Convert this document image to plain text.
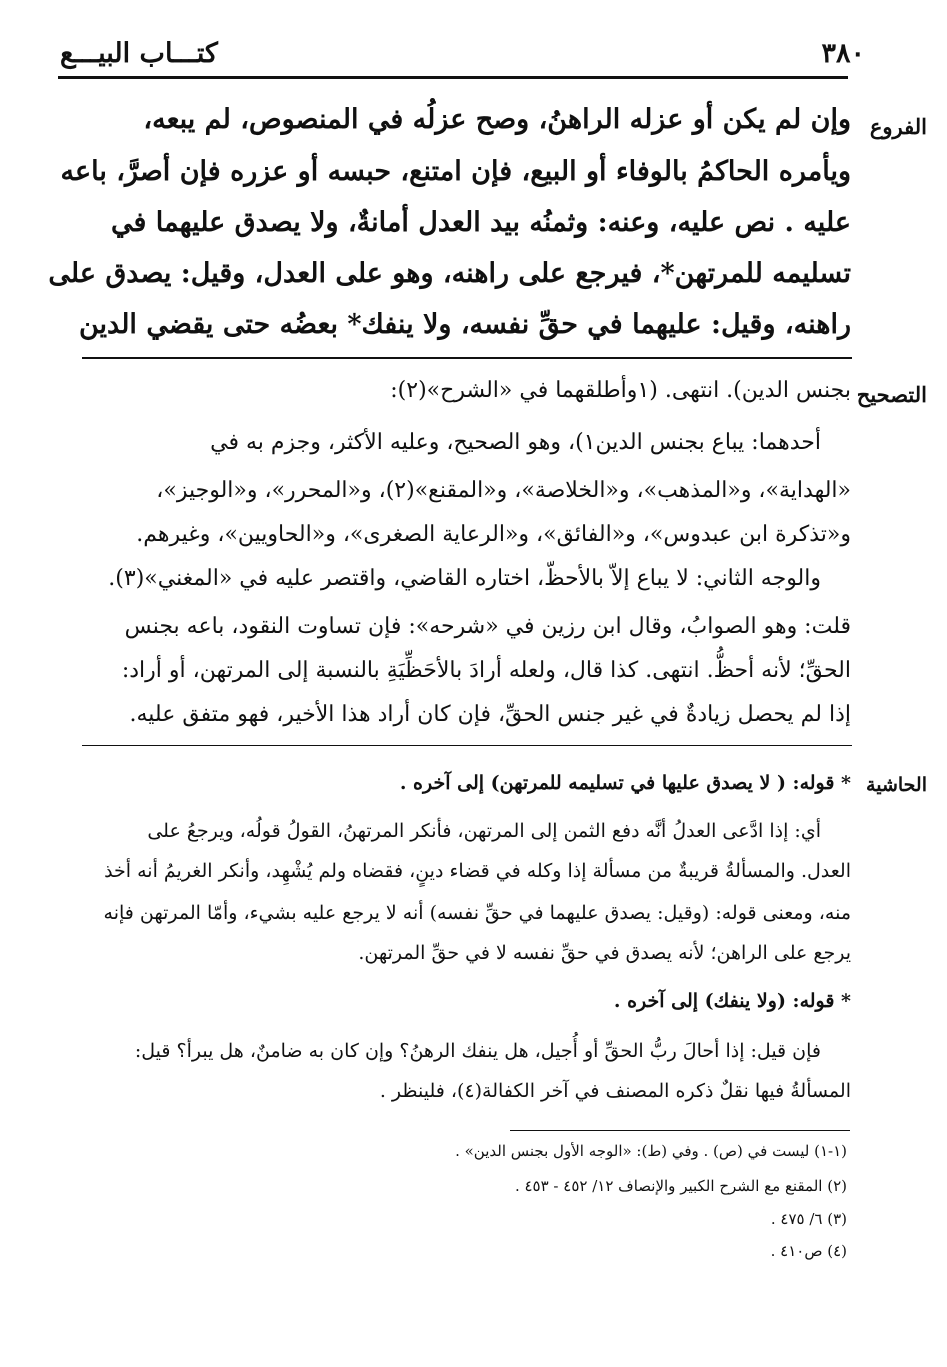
كتـــاب البيـــع	٣٨٠
الفروع
وإن لم يكن أو عزله الراهنُ، وصح عزلُه في المنصوص، لم يبعه،
ويأمره الحاكمُ بالوفاء أو البيع، فإن امتنع، حبسه أو عزره فإن أصرَّ، باعه
عليه . نص عليه، وعنه: وثمنُه بيد العدل أمانةٌ، ولا يصدق عليهما في
تسليمه للمرتهن*، فيرجع على راهنه، وهو على العدل، وقيل: يصدق على
راهنه، وقيل: عليهما في حقِّ نفسه، ولا ينفك* بعضُه حتى يقضي الدين
التصحيح
بجنس الدين). انتهى. (١وأطلقهما في «الشرح»(٢):
أحدهما: يباع بجنس الدين١)، وهو الصحيح، وعليه الأكثر، وجزم به في
«الهداية»، و«المذهب»، و«الخلاصة»، و«المقنع»(٢)، و«المحرر»، و«الوجيز»،
و«تذكرة ابن عبدوس»، و«الفائق»، و«الرعاية الصغرى»، و«الحاويين»، وغيرهم.
والوجه الثاني: لا يباع إلاّ بالأحظّ، اختاره القاضي، واقتصر عليه في «المغني»(٣).
قلت: وهو الصوابُ، وقال ابن رزين في «شرحه»: فإن تساوت النقود، باعه بجنس
الحقِّ؛ لأنه أحظُّ. انتهى. كذا قال، ولعله أرادَ بالأحَظِّيَةِ بالنسبة إلى المرتهن، أو أراد:
إذا لم يحصل زيادةٌ في غير جنس الحقِّ، فإن كان أراد هذا الأخير، فهو متفق عليه.
الحاشية
* قوله: ( لا يصدق عليها في تسليمه للمرتهن) إلى آخره .
أي: إذا ادَّعى العدلُ أنَّه دفع الثمن إلى المرتهن، فأنكر المرتهنُ، القولُ قولُه، ويرجعُ على
العدل. والمسألةُ قريبةٌ من مسألة إذا وكله في قضاء دينٍ، فقضاه ولم يُشْهِد، وأنكر الغريمُ أنه أخذ
منه، ومعنى قوله: (وقيل: يصدق عليهما في حقِّ نفسه) أنه لا يرجع عليه بشيء، وأمّا المرتهن فإنه
يرجع على الراهن؛ لأنه يصدق في حقِّ نفسه لا في حقِّ المرتهن.
* قوله: (ولا ينفك) إلى آخره .
فإن قيل: إذا أحالَ ربُّ الحقِّ أو أُجيل، هل ينفك الرهنُ؟ وإن كان به ضامنٌ، هل يبرأ؟ قيل:
المسألةُ فيها نقلٌ ذكره المصنف في آخر الكفالة(٤)، فلينظر .
(١-١) ليست في (ص) . وفي (ط): «الوجه الأول بجنس الدين» .
(٢) المقنع مع الشرح الكبير والإنصاف ١٢/ ٤٥٢ - ٤٥٣ .
(٣) ٦/ ٤٧٥ .
(٤) ص٤١٠ .
